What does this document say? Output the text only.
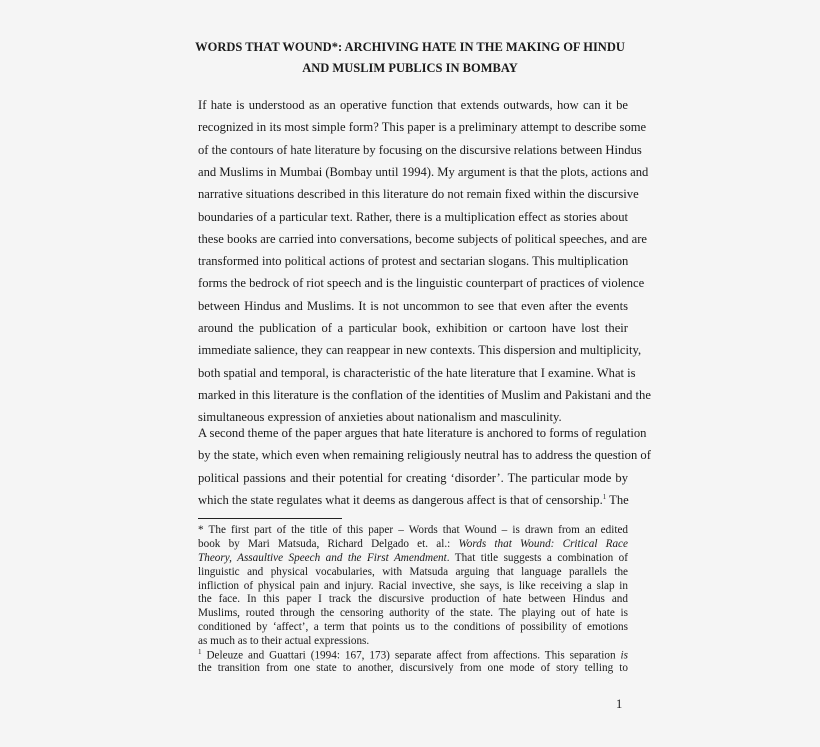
WORDS THAT WOUND*: ARCHIVING HATE IN THE MAKING OF HINDU
AND MUSLIM PUBLICS IN BOMBAY
If hate is understood as an operative function that extends outwards, how can it be
recognized in its most simple form? This paper is a preliminary attempt to describe some
of the contours of hate literature by focusing on the discursive relations between Hindus
and Muslims in Mumbai (Bombay until 1994). My argument is that the plots, actions and
narrative situations described in this literature do not remain fixed within the discursive
boundaries of a particular text. Rather, there is a multiplication effect as stories about
these books are carried into conversations, become subjects of political speeches, and are
transformed into political actions of protest and sectarian slogans. This multiplication
forms the bedrock of riot speech and is the linguistic counterpart of practices of violence
between Hindus and Muslims. It is not uncommon to see that even after the events
around the publication of a particular book, exhibition or cartoon have lost their
immediate salience, they can reappear in new contexts. This dispersion and multiplicity,
both spatial and temporal, is characteristic of the hate literature that I examine. What is
marked in this literature is the conflation of the identities of Muslim and Pakistani and the
simultaneous expression of anxieties about nationalism and masculinity.
A second theme of the paper argues that hate literature is anchored to forms of regulation
by the state, which even when remaining religiously neutral has to address the question of
political passions and their potential for creating ‘disorder’. The particular mode by
which the state regulates what it deems as dangerous affect is that of censorship.$^1$ The
* The first part of the title of this paper – Words that Wound – is drawn from an edited
book by Mari Matsuda, Richard Delgado et. al.: Words that Wound: Critical Race
Theory, Assaultive Speech and the First Amendment. That title suggests a combination of
linguistic and physical vocabularies, with Matsuda arguing that language parallels the
infliction of physical pain and injury. Racial invective, she says, is like receiving a slap in
the face. In this paper I track the discursive production of hate between Hindus and
Muslims, routed through the censoring authority of the state. The playing out of hate is
conditioned by ‘affect’, a term that points us to the conditions of possibility of emotions
as much as to their actual expressions.
$^1$ Deleuze and Guattari (1994: 167, 173) separate affect from affections. This separation is
the transition from one state to another, discursively from one mode of story telling to
1
